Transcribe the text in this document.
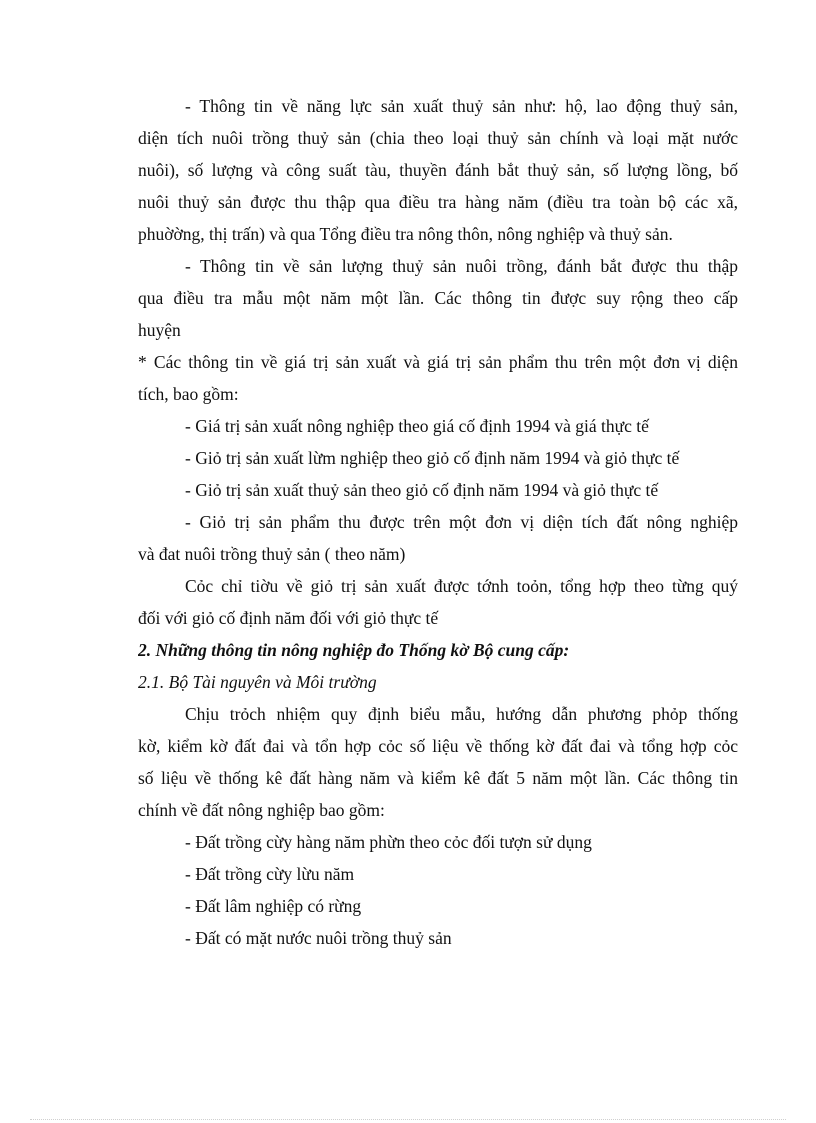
- Thông tin về năng lực sản xuất thuỷ sản như: hộ, lao động thuỷ sản,
diện tích nuôi trồng thuỷ sản (chia theo loại thuỷ sản chính và loại mặt nước
nuôi), số lượng và công suất tàu, thuyền đánh bắt thuỷ sản, số lượng lồng, bố
nuôi thuỷ sản được thu thập qua điều tra hàng năm (điều tra toàn bộ các xã,
phuờờng, thị trấn) và qua Tổng điều tra nông thôn, nông nghiệp và thuỷ sản.
- Thông tin về sản lượng thuỷ sản nuôi trồng, đánh bắt được thu thập
qua điều tra mẫu một năm một lần. Các thông tin được suy rộng theo cấp
huyện
* Các thông tin về giá trị sản xuất và giá trị sản phẩm thu trên một đơn vị diện
tích, bao gồm:
- Giá trị sản xuất nông nghiệp theo giá cố định 1994 và giá thực tế
- Giỏ trị sản xuất lừm nghiệp theo giỏ cố định năm 1994 và giỏ thực tế
- Giỏ trị sản xuất thuỷ sản theo giỏ cố định năm 1994 và giỏ thực tế
- Giỏ trị sản phẩm thu được trên một đơn vị diện tích đất nông nghiệp
và đat nuôi trồng thuỷ sản ( theo năm)
Cỏc chỉ tiờu về giỏ trị sản xuất được tớnh toỏn, tổng hợp theo từng quý
đối với giỏ cố định năm đối với giỏ thực tế
2. Những thông tin nông nghiệp đo Thống kờ Bộ cung cấp:
2.1. Bộ Tài nguyên và Môi trường
Chịu trỏch nhiệm quy định biểu mẫu, hướng dẫn phương phỏp thống
kờ, kiểm kờ đất đai và tổn hợp cỏc số liệu về thống kờ đất đai và tổng hợp cỏc
số liệu về thống kê đất hàng năm và kiểm kê đất 5 năm một lần. Các thông tin
chính về đất nông nghiệp bao gồm:
- Đất trồng cừy hàng năm phừn theo cỏc đối tượn sử dụng
- Đất trồng cừy lừu năm
- Đất lâm nghiệp có rừng
- Đất có mặt nước nuôi trồng thuỷ sản
